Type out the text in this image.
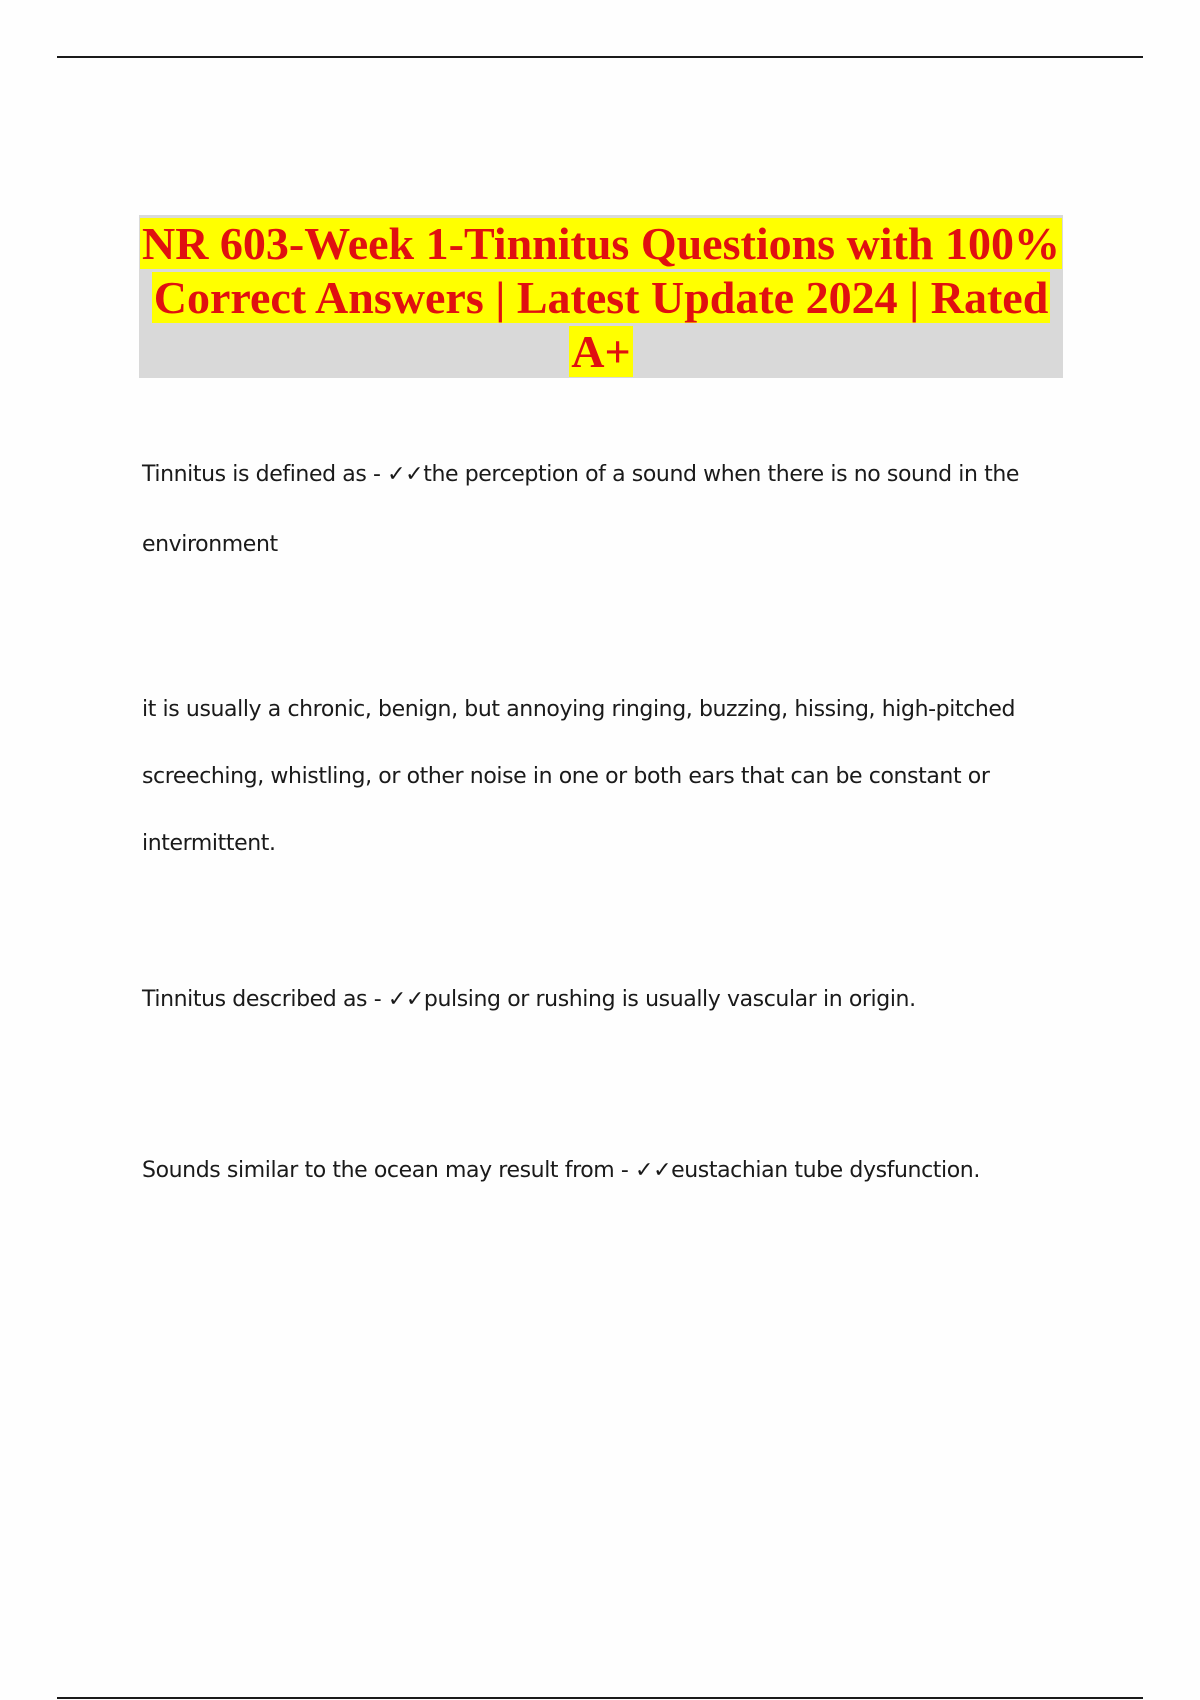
NR 603-Week 1-Tinnitus Questions with 100% Correct Answers | Latest Update 2024 | Rated A+
Tinnitus is defined as - ✓✓the perception of a sound when there is no sound in the environment
it is usually a chronic, benign, but annoying ringing, buzzing, hissing, high-pitched screeching, whistling, or other noise in one or both ears that can be constant or intermittent.
Tinnitus described as - ✓✓pulsing or rushing is usually vascular in origin.
Sounds similar to the ocean may result from - ✓✓eustachian tube dysfunction.
